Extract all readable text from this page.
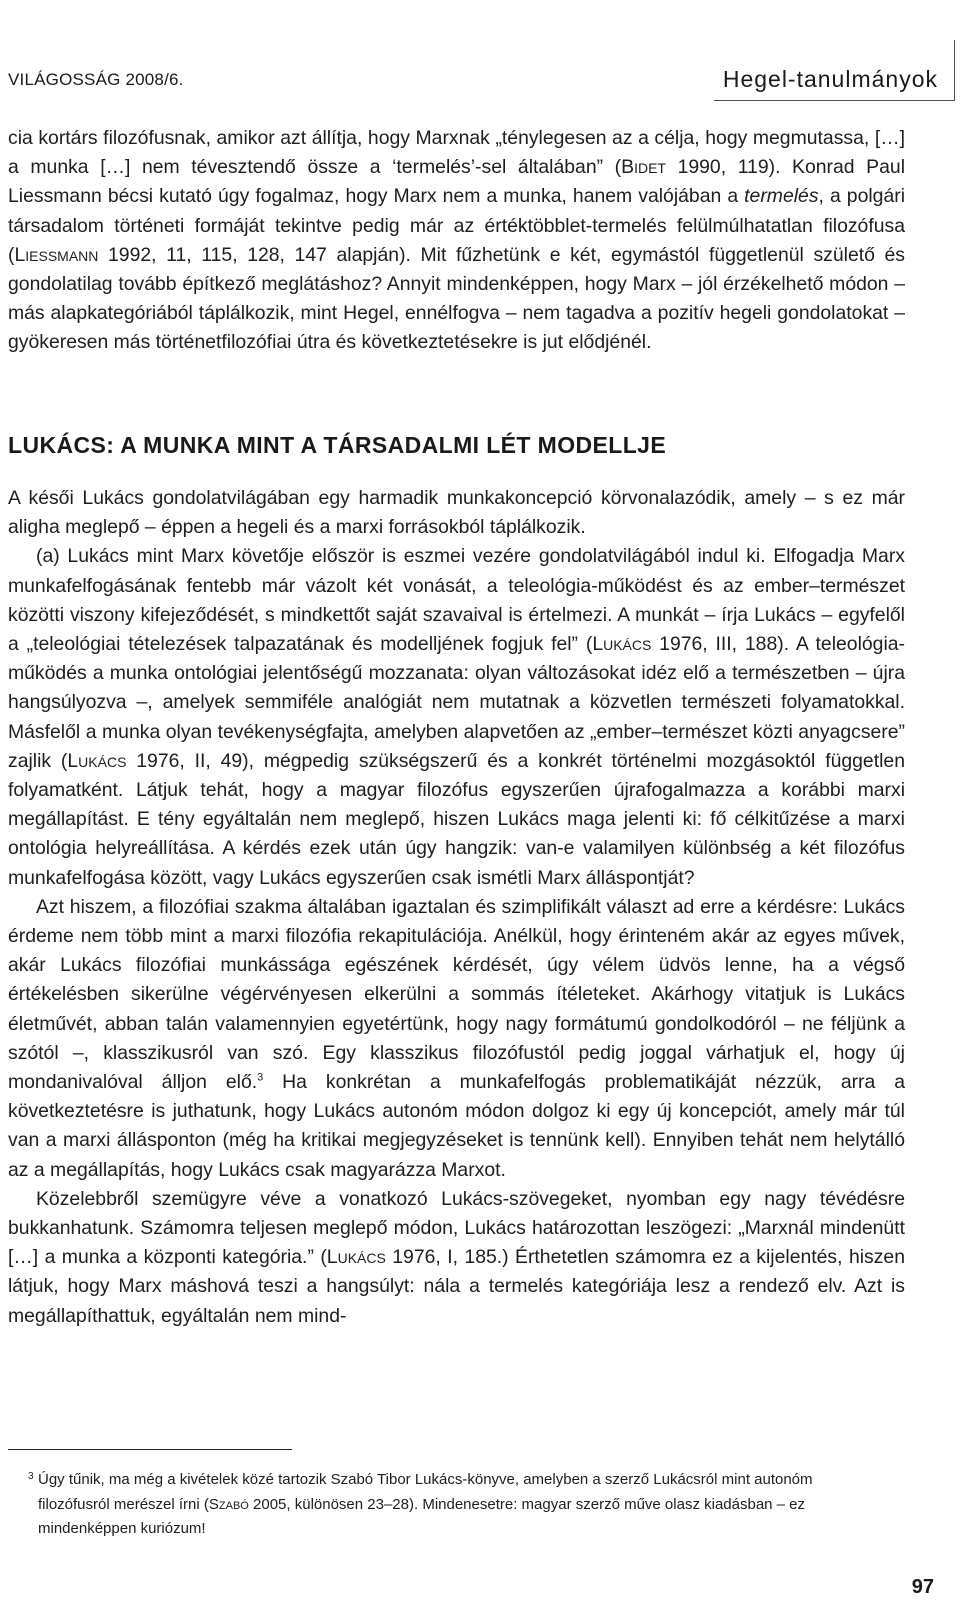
VILÁGOSSÁG 2008/6.	Hegel-tanulmányok

cia kortárs filozófusnak, amikor azt állítja, hogy Marxnak „ténylegesen az a célja, hogy megmutassa, […] a munka […] nem tévesztendő össze a ‘termelés’-sel általában” (Bidet 1990, 119). Konrad Paul Liessmann bécsi kutató úgy fogalmaz, hogy Marx nem a munka, hanem valójában a termelés, a polgári társadalom történeti formáját tekintve pedig már az értéktöbblet-termelés felülmúlhatatlan filozófusa (Liessmann 1992, 11, 115, 128, 147 alapján). Mit fűzhetünk e két, egymástól függetlenül születő és gondolatilag tovább építkező meglátáshoz? Annyit mindenképpen, hogy Marx – jól érzékelhető módon – más alapkategóriából táplálkozik, mint Hegel, ennélfogva – nem tagadva a pozitív hegeli gondolatokat – gyökeresen más történetfilozófiai útra és következtetésekre is jut elődjénél.

LUKÁCS: A MUNKA MINT A TÁRSADALMI LÉT MODELLJE

A késői Lukács gondolatvilágában egy harmadik munkakoncepció körvonalazódik, amely – s ez már aligha meglepő – éppen a hegeli és a marxi forrásokból táplálkozik.

(a) Lukács mint Marx követője először is eszmei vezére gondolatvilágából indul ki. Elfogadja Marx munkafelfogásának fentebb már vázolt két vonását, a teleológia-működést és az ember–természet közötti viszony kifejeződését, s mindkettőt saját szavaival is értelmezi. A munkát – írja Lukács – egyfelől a „teleológiai tételezések talpazatának és modelljének fogjuk fel” (Lukács 1976, III, 188). A teleológia-működés a munka ontológiai jelentőségű mozzanata: olyan változásokat idéz elő a természetben – újra hangsúlyozva –, amelyek semmiféle analógiát nem mutatnak a közvetlen természeti folyamatokkal. Másfelől a munka olyan tevékenységfajta, amelyben alapvetően az „ember–természet közti anyagcsere” zajlik (Lukács 1976, II, 49), mégpedig szükségszerű és a konkrét történelmi mozgásoktól független folyamatként. Látjuk tehát, hogy a magyar filozófus egyszerűen újrafogalmazza a korábbi marxi megállapítást. E tény egyáltalán nem meglepő, hiszen Lukács maga jelenti ki: fő célkitűzése a marxi ontológia helyreállítása. A kérdés ezek után úgy hangzik: van-e valamilyen különbség a két filozófus munkafelfogása között, vagy Lukács egyszerűen csak ismétli Marx álláspontját?

Azt hiszem, a filozófiai szakma általában igaztalan és szimplifikált választ ad erre a kérdésre: Lukács érdeme nem több mint a marxi filozófia rekapitulációja. Anélkül, hogy érinteném akár az egyes művek, akár Lukács filozófiai munkássága egészének kérdését, úgy vélem üdvös lenne, ha a végső értékelésben sikerülne végérvényesen elkerülni a sommás ítéleteket. Akárhogy vitatjuk is Lukács életművét, abban talán valamennyien egyetértünk, hogy nagy formátumú gondolkodóról – ne féljünk a szótól –, klasszikusról van szó. Egy klasszikus filozófustól pedig joggal várhatjuk el, hogy új mondanivalóval álljon elő.$^3$ Ha konkrétan a munkafelfogás problematikáját nézzük, arra a következtetésre is juthatunk, hogy Lukács autonóm módon dolgoz ki egy új koncepciót, amely már túl van a marxi állásponton (még ha kritikai megjegyzéseket is tennünk kell). Ennyiben tehát nem helytálló az a megállapítás, hogy Lukács csak magyarázza Marxot.

Közelebbről szemügyre véve a vonatkozó Lukács-szövegeket, nyomban egy nagy tévédésre bukkanhatunk. Számomra teljesen meglepő módon, Lukács határozottan leszögezi: „Marxnál mindenütt […] a munka a központi kategória.” (Lukács 1976, I, 185.) Érthetetlen számomra ez a kijelentés, hiszen látjuk, hogy Marx máshová teszi a hangsúlyt: nála a termelés kategóriája lesz a rendező elv. Azt is megállapíthattuk, egyáltalán nem mind-

3 Úgy tűnik, ma még a kivételek közé tartozik Szabó Tibor Lukács-könyve, amelyben a szerző Lukácsról mint autonóm filozófusról merészel írni (Szabó 2005, különösen 23–28). Mindenesetre: magyar szerző műve olasz kiadásban – ez mindenképpen kuriózum!

97
